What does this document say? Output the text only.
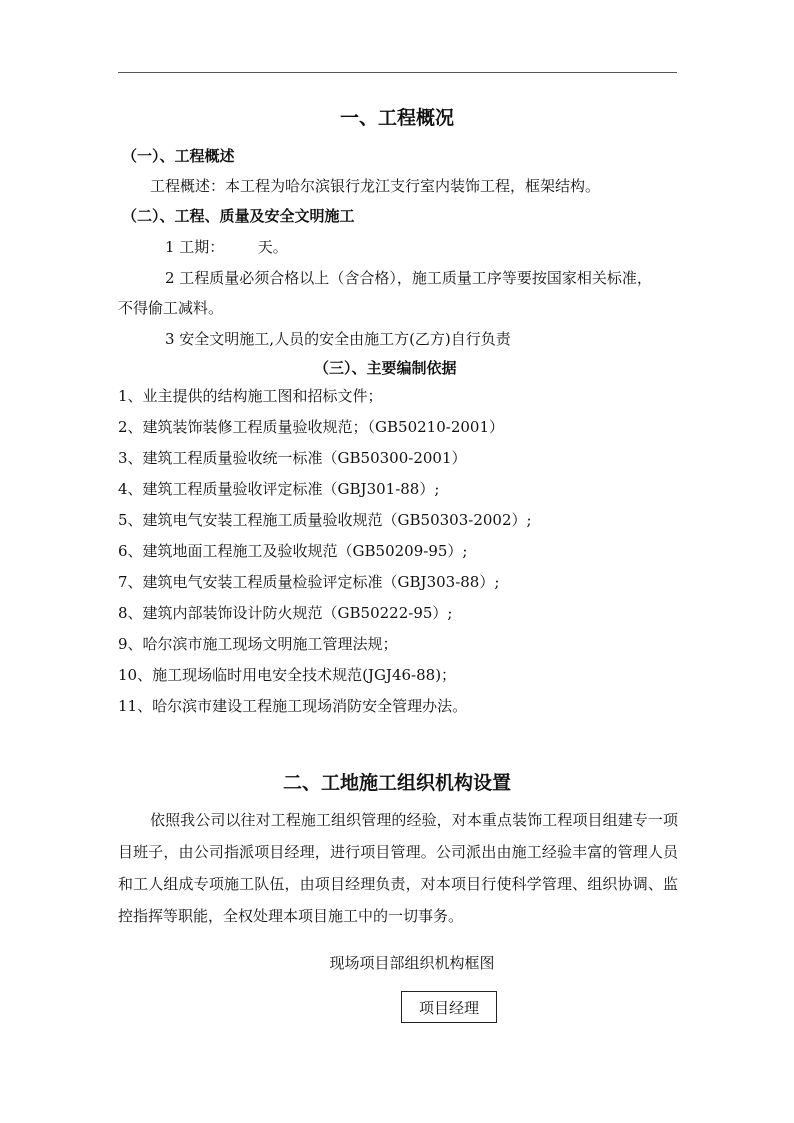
一、工程概况
（一）、工程概述
工程概述：本工程为哈尔滨银行龙江支行室内装饰工程，框架结构。
（二）、工程、质量及安全文明施工
1 工期：       天。
2 工程质量必须合格以上（含合格），施工质量工序等要按国家相关标准，
不得偷工减料。
3 安全文明施工,人员的安全由施工方(乙方)自行负责
（三）、主要编制依据
1、业主提供的结构施工图和招标文件；
2、建筑装饰装修工程质量验收规范；（GB50210-2001）
3、建筑工程质量验收统一标准（GB50300-2001）
4、建筑工程质量验收评定标准（GBJ301-88）;
5、建筑电气安装工程施工质量验收规范（GB50303-2002）;
6、建筑地面工程施工及验收规范（GB50209-95）;
7、建筑电气安装工程质量检验评定标准（GBJ303-88）;
8、建筑内部装饰设计防火规范（GB50222-95）;
9、哈尔滨市施工现场文明施工管理法规；
10、施工现场临时用电安全技术规范(JGJ46-88)；
11、哈尔滨市建设工程施工现场消防安全管理办法。
二、工地施工组织机构设置
依照我公司以往对工程施工组织管理的经验，对本重点装饰工程项目组建专一项目班子，由公司指派项目经理，进行项目管理。公司派出由施工经验丰富的管理人员和工人组成专项施工队伍，由项目经理负责，对本项目行使科学管理、组织协调、监控指挥等职能，全权处理本项目施工中的一切事务。
现场项目部组织机构框图
项目经理
